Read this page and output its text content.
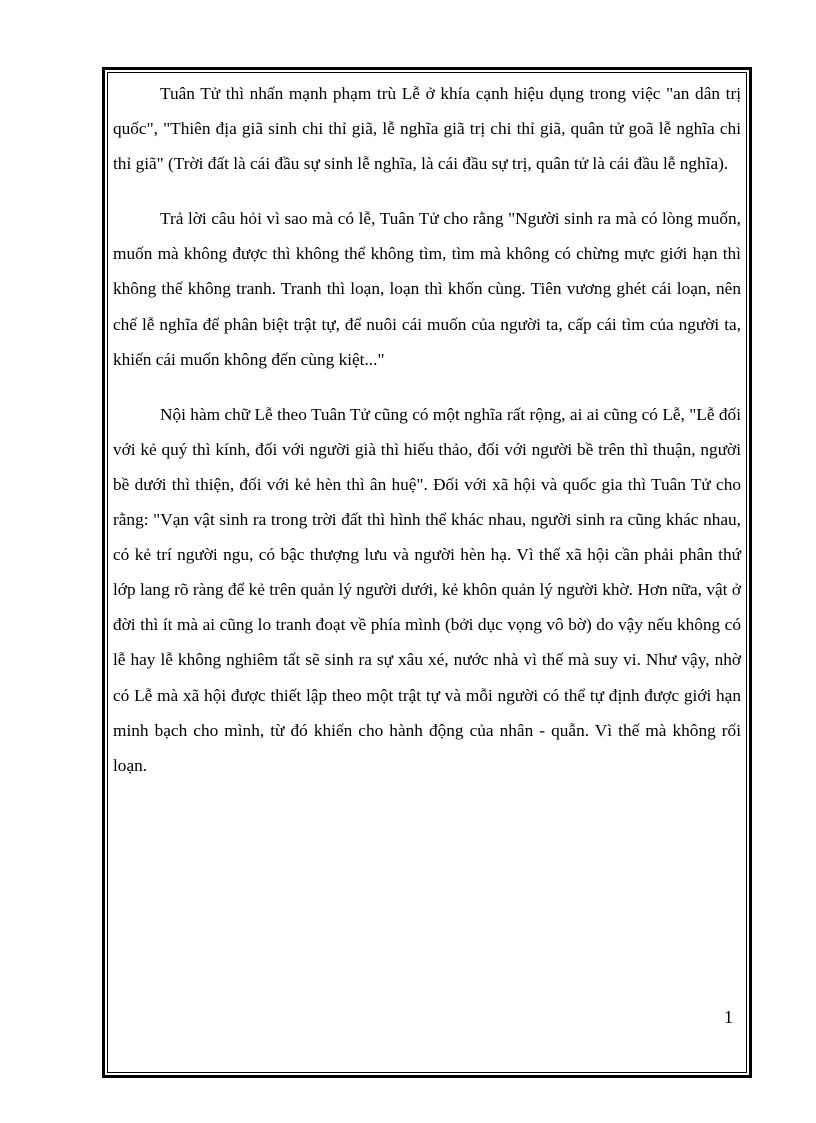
Tuân Tử thì nhấn mạnh phạm trù Lễ ở khía cạnh hiệu dụng trong việc "an dân trị quốc", "Thiên địa giã sinh chi thỉ giã, lễ nghĩa giã trị chi thỉ giã, quân tử goã lễ nghĩa chi thỉ giã" (Trời đất là cái đầu sự sinh lễ nghĩa, là cái đầu sự trị, quân tử là cái đầu lễ nghĩa).

Trả lời câu hỏi vì sao mà có lễ, Tuân Tử cho rằng "Người sinh ra mà có lòng muốn, muốn mà không được thì không thể không tìm, tìm mà không có chừng mực giới hạn thì không thể không tranh. Tranh thì loạn, loạn thì khốn cùng. Tiên vương ghét cái loạn, nên chế lễ nghĩa để phân biệt trật tự, để nuôi cái muốn của người ta, cấp cái tìm của người ta, khiến cái muốn không đến cùng kiệt..."

Nội hàm chữ Lễ theo Tuân Tử cũng có một nghĩa rất rộng, ai ai cũng có Lễ, "Lễ đối với kẻ quý thì kính, đối với người già thì hiếu thảo, đối với người bề trên thì thuận, người bề dưới thì thiện, đối với kẻ hèn thì ân huệ". Đối với xã hội và quốc gia thì Tuân Tử cho rằng: "Vạn vật sinh ra trong trời đất thì hình thể khác nhau, người sinh ra cũng khác nhau, có kẻ trí người ngu, có bậc thượng lưu và người hèn hạ. Vì thế xã hội cần phải phân thứ lớp lang rõ ràng để kẻ trên quản lý người dưới, kẻ khôn quản lý người khờ. Hơn nữa, vật ở đời thì ít mà ai cũng lo tranh đoạt về phía mình (bởi dục vọng vô bờ) do vậy nếu không có lễ hay lễ không nghiêm tất sẽ sinh ra sự xâu xé, nước nhà vì thế mà suy vi. Như vậy, nhờ có Lễ mà xã hội được thiết lập theo một trật tự và mỗi người có thể tự định được giới hạn minh bạch cho mình, từ đó khiến cho hành động của nhân - quẫn. Vì thế mà không rối loạn.

1
